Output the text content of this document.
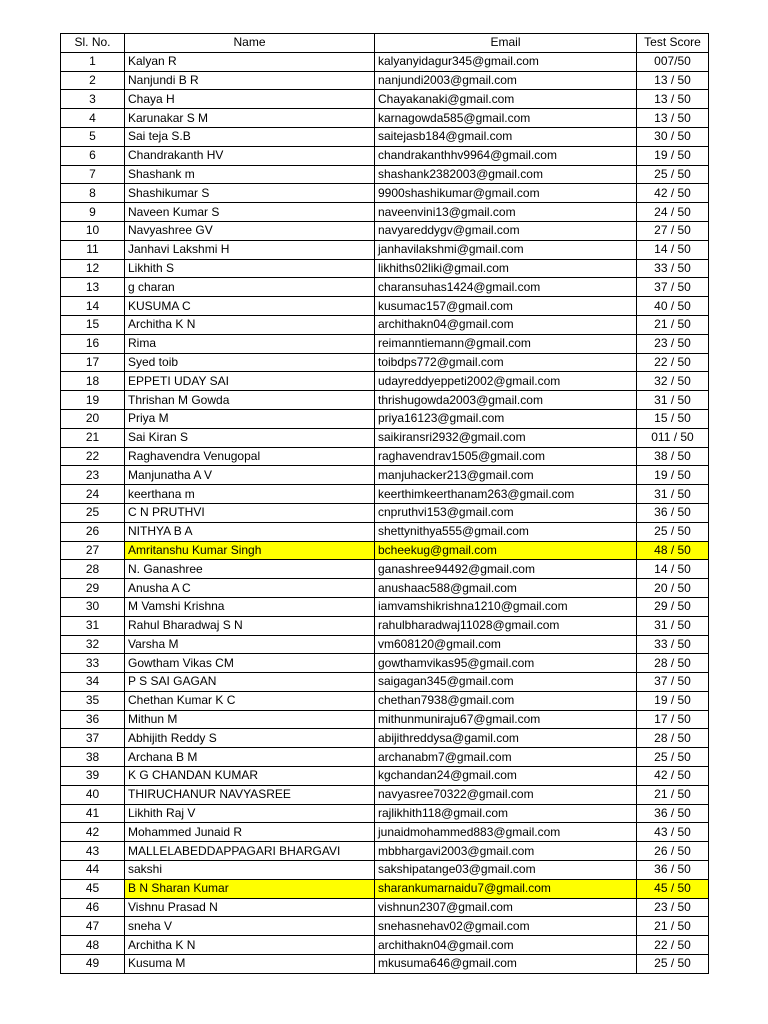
Sl. No.	Name	Email	Test Score
1	Kalyan R	kalyanyidagur345@gmail.com	007/50
2	Nanjundi B R	nanjundi2003@gmail.com	13 / 50
3	Chaya H	Chayakanaki@gmail.com	13 / 50
4	Karunakar S M	karnagowda585@gmail.com	13 / 50
5	Sai teja S.B	saitejasb184@gmail.com	30 / 50
6	Chandrakanth HV	chandrakanthhv9964@gmail.com	19 / 50
7	Shashank m	shashank2382003@gmail.com	25 / 50
8	Shashikumar S	9900shashikumar@gmail.com	42 / 50
9	Naveen Kumar S	naveenvini13@gmail.com	24 / 50
10	Navyashree GV	navyareddygv@gmail.com	27 / 50
11	Janhavi Lakshmi H	janhavilakshmi@gmail.com	14 / 50
12	Likhith S	likhiths02liki@gmail.com	33 / 50
13	g charan	charansuhas1424@gmail.com	37 / 50
14	KUSUMA C	kusumac157@gmail.com	40 / 50
15	Architha K N	archithakn04@gmail.com	21 / 50
16	Rima	reimanntiemann@gmail.com	23 / 50
17	Syed toib	toibdps772@gmail.com	22 / 50
18	EPPETI UDAY SAI	udayreddyeppeti2002@gmail.com	32 / 50
19	Thrishan M Gowda	thrishugowda2003@gmail.com	31 / 50
20	Priya M	priya16123@gmail.com	15 / 50
21	Sai Kiran S	saikiransri2932@gmail.com	011 / 50
22	Raghavendra Venugopal	raghavendrav1505@gmail.com	38 / 50
23	Manjunatha A V	manjuhacker213@gmail.com	19 / 50
24	keerthana m	keerthimkeerthanam263@gmail.com	31 / 50
25	C N PRUTHVI	cnpruthvi153@gmail.com	36 / 50
26	NITHYA B A	shettynithya555@gmail.com	25 / 50
27	Amritanshu Kumar Singh	bcheekug@gmail.com	48 / 50
28	N. Ganashree	ganashree94492@gmail.com	14 / 50
29	Anusha A C	anushaac588@gmail.com	20 / 50
30	M Vamshi Krishna	iamvamshikrishna1210@gmail.com	29 / 50
31	Rahul Bharadwaj S N	rahulbharadwaj11028@gmail.com	31 / 50
32	Varsha M	vm608120@gmail.com	33 / 50
33	Gowtham Vikas CM	gowthamvikas95@gmail.com	28 / 50
34	P S SAI GAGAN	saigagan345@gmail.com	37 / 50
35	Chethan Kumar K C	chethan7938@gmail.com	19 / 50
36	Mithun M	mithunmuniraju67@gmail.com	17 / 50
37	Abhijith Reddy S	abijithreddysa@gamil.com	28 / 50
38	Archana B M	archanabm7@gmail.com	25 / 50
39	K G CHANDAN KUMAR	kgchandan24@gmail.com	42 / 50
40	THIRUCHANUR NAVYASREE	navyasree70322@gmail.com	21 / 50
41	Likhith Raj V	rajlikhith118@gmail.com	36 / 50
42	Mohammed Junaid R	junaidmohammed883@gmail.com	43 / 50
43	MALLELABEDDAPPAGARI BHARGAVI	mbbhargavi2003@gmail.com	26 / 50
44	sakshi	sakshipatange03@gmail.com	36 / 50
45	B N Sharan Kumar	sharankumarnaidu7@gmail.com	45 / 50
46	Vishnu Prasad N	vishnun2307@gmail.com	23 / 50
47	sneha V	snehasnehav02@gmail.com	21 / 50
48	Architha K N	archithakn04@gmail.com	22 / 50
49	Kusuma M	mkusuma646@gmail.com	25 / 50
